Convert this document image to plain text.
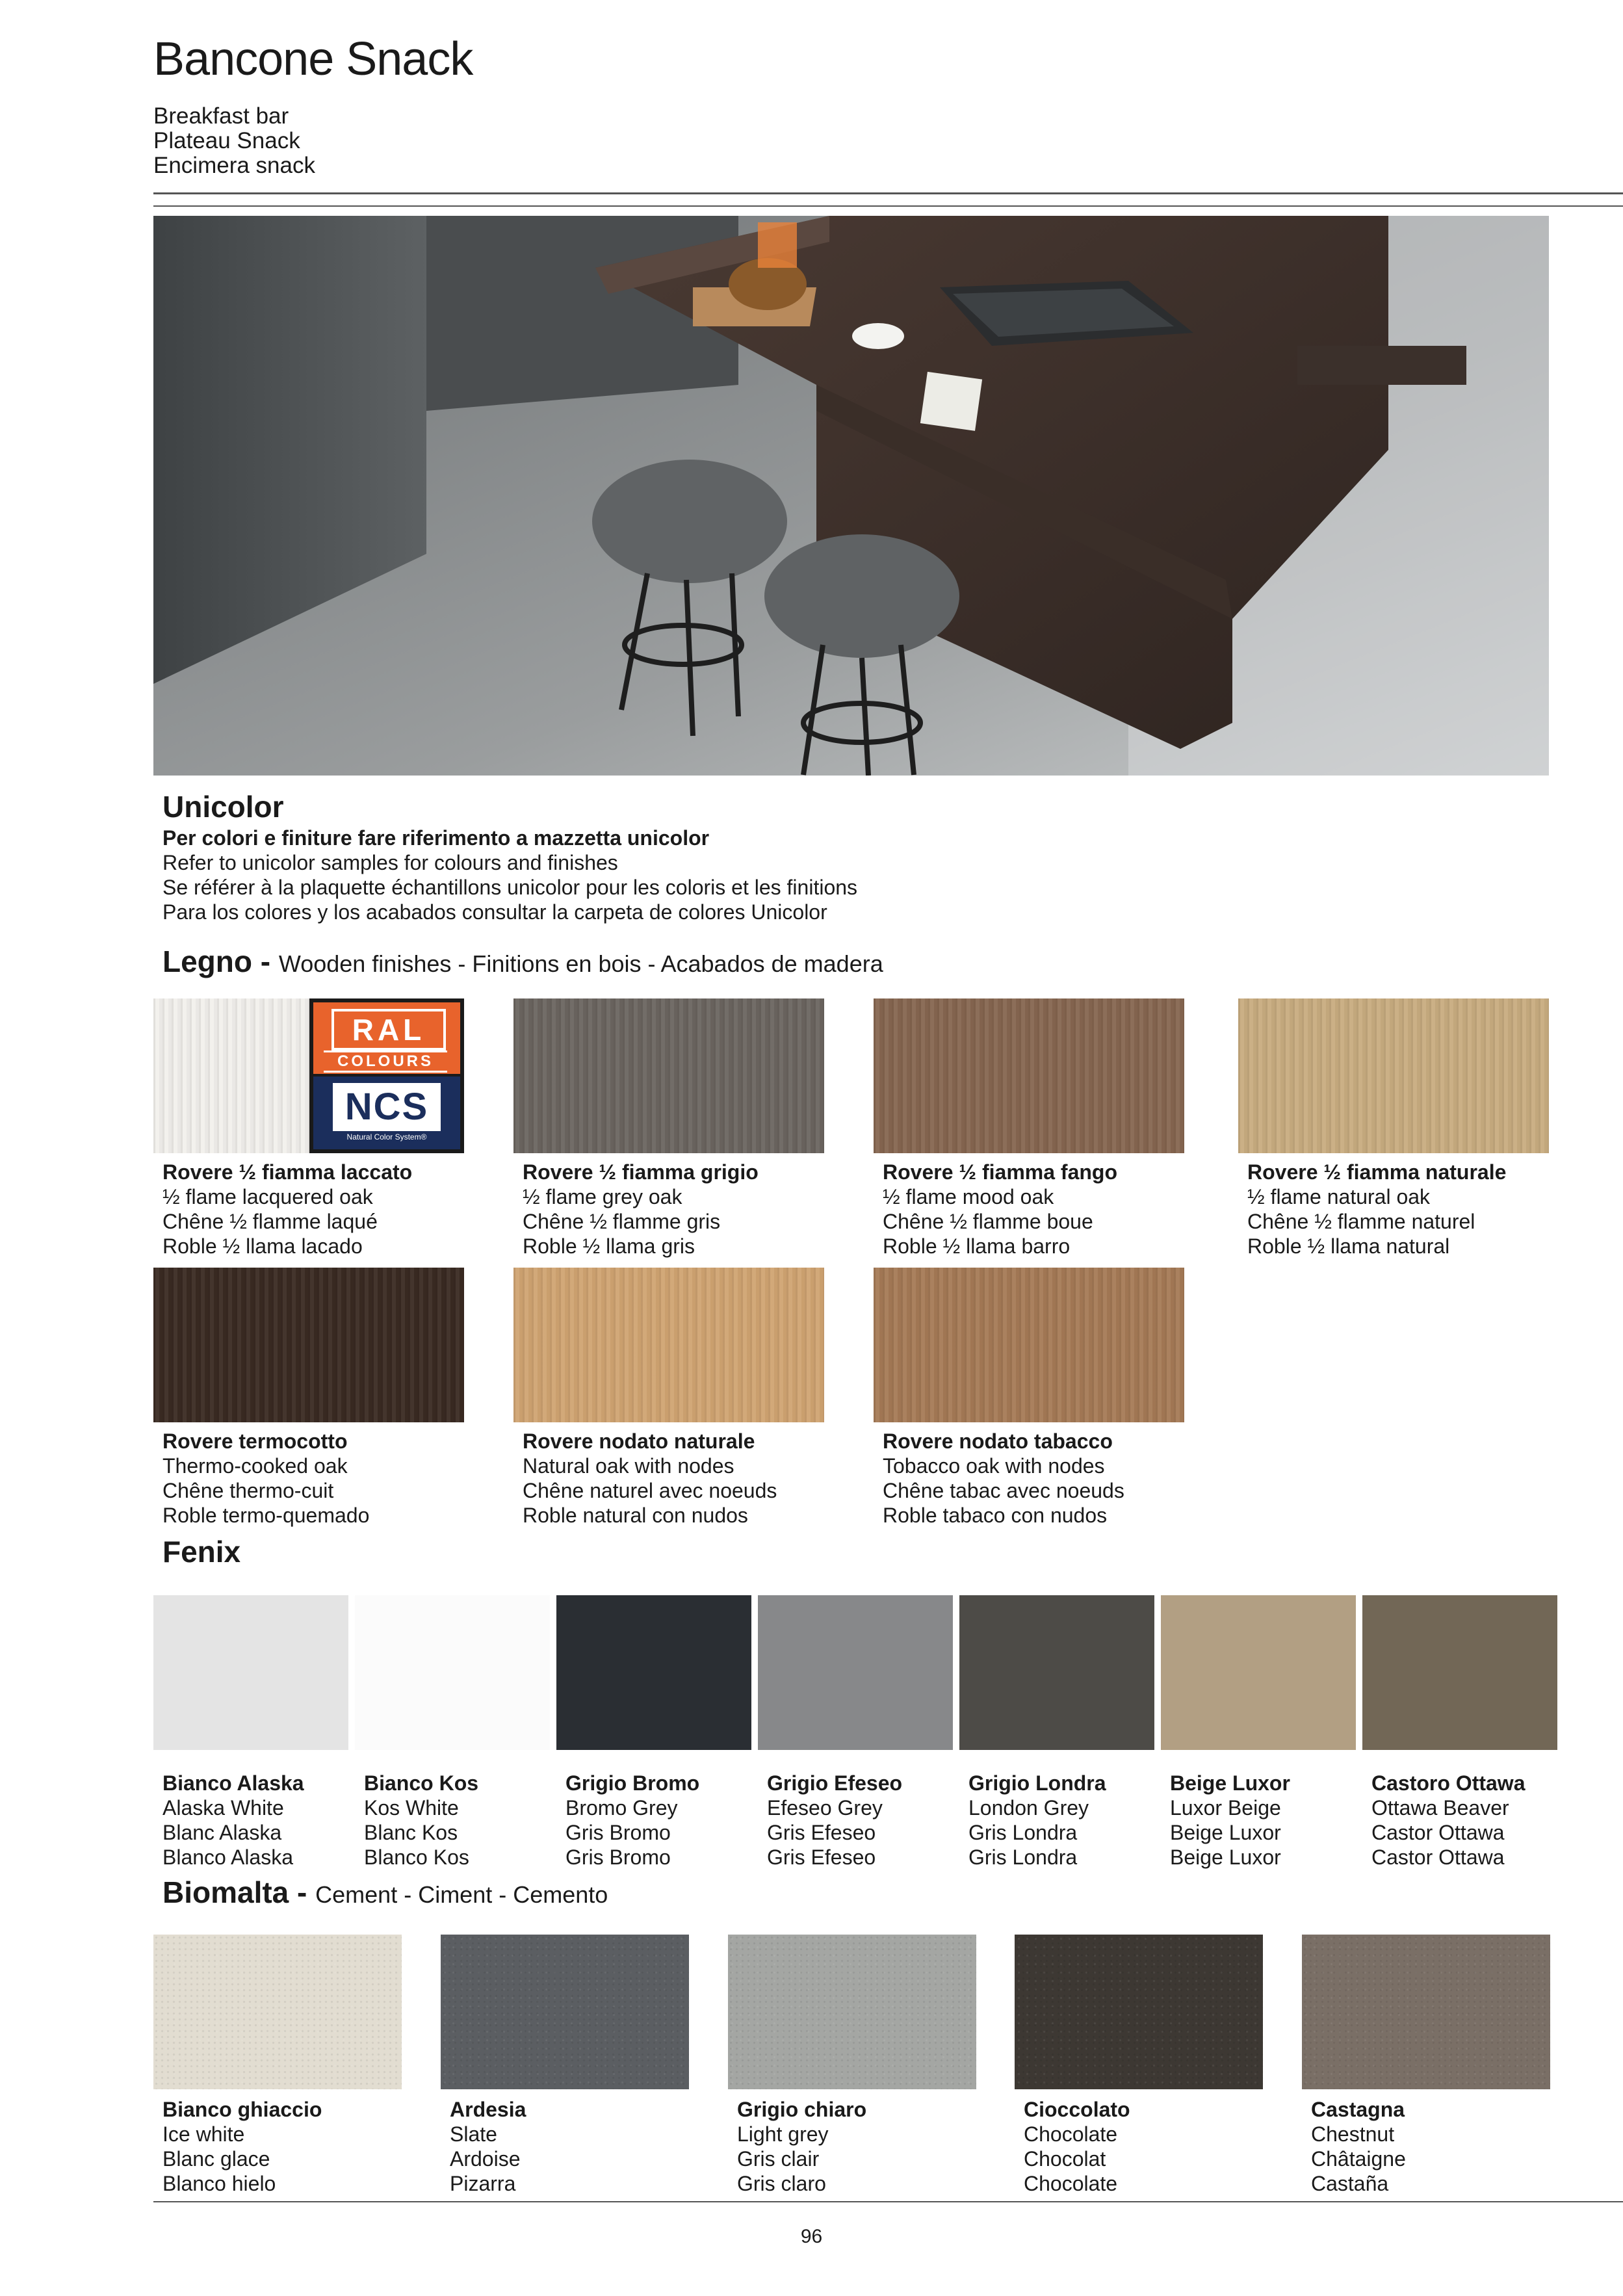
Bancone Snack
Breakfast bar
Plateau Snack
Encimera snack
Unicolor
Per colori e finiture fare riferimento a mazzetta unicolor
Refer to unicolor samples for colours and finishes
Se référer à la plaquette échantillons unicolor pour les coloris et les finitions
Para los colores y los acabados consultar la carpeta de colores Unicolor
Legno - Wooden finishes - Finitions en bois - Acabados de madera
Rovere ½ fiamma laccato
½ flame lacquered oak
Chêne ½ flamme laqué
Roble ½ llama lacado
Rovere ½ fiamma grigio
½ flame grey oak
Chêne ½ flamme gris
Roble ½ llama gris
Rovere ½ fiamma fango
½ flame mood oak
Chêne ½ flamme boue
Roble ½ llama barro
Rovere ½ fiamma naturale
½ flame natural oak
Chêne ½ flamme naturel
Roble ½ llama natural
Rovere termocotto
Thermo-cooked oak
Chêne thermo-cuit
Roble termo-quemado
Rovere nodato naturale
Natural oak with nodes
Chêne naturel avec noeuds
Roble natural con nudos
Rovere nodato tabacco
Tobacco oak with nodes
Chêne tabac avec noeuds
Roble tabaco con nudos
RAL
COLOURS
NCS
Natural Color System®
Fenix
Bianco Alaska
Alaska White
Blanc Alaska
Blanco Alaska
Bianco Kos
Kos White
Blanc Kos
Blanco Kos
Grigio Bromo
Bromo Grey
Gris Bromo
Gris Bromo
Grigio Efeseo
Efeseo Grey
Gris Efeseo
Gris Efeseo
Grigio Londra
London Grey
Gris Londra
Gris Londra
Beige Luxor
Luxor Beige
Beige Luxor
Beige Luxor
Castoro Ottawa
Ottawa Beaver
Castor Ottawa
Castor Ottawa
Biomalta - Cement - Ciment - Cemento
Bianco ghiaccio
Ice white
Blanc glace
Blanco hielo
Ardesia
Slate
Ardoise
Pizarra
Grigio chiaro
Light grey
Gris clair
Gris claro
Cioccolato
Chocolate
Chocolat
Chocolate
Castagna
Chestnut
Châtaigne
Castaña
96
